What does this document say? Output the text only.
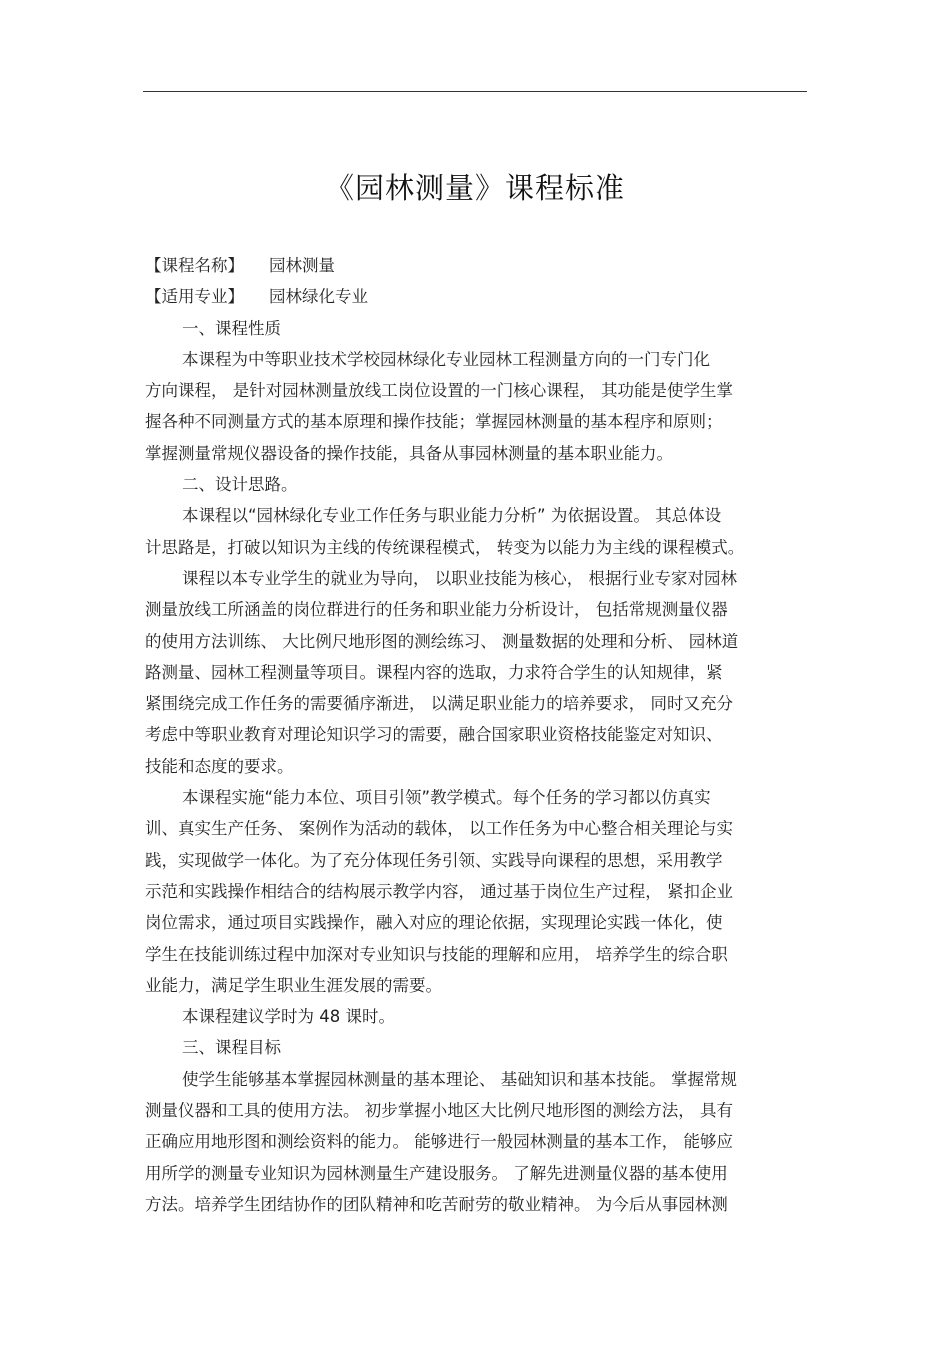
《园林测量》课程标准
【课程名称】 园林测量
【适用专业】 园林绿化专业
一、课程性质
本课程为中等职业技术学校园林绿化专业园林工程测量方向的一门专门化
方向课程， 是针对园林测量放线工岗位设置的一门核心课程， 其功能是使学生掌
握各种不同测量方式的基本原理和操作技能；掌握园林测量的基本程序和原则；
掌握测量常规仪器设备的操作技能，具备从事园林测量的基本职业能力。
二、设计思路。
本课程以“园林绿化专业工作任务与职业能力分析” 为依据设置。 其总体设
计思路是，打破以知识为主线的传统课程模式， 转变为以能力为主线的课程模式。
课程以本专业学生的就业为导向， 以职业技能为核心， 根据行业专家对园林
测量放线工所涵盖的岗位群进行的任务和职业能力分析设计， 包括常规测量仪器
的使用方法训练、 大比例尺地形图的测绘练习、 测量数据的处理和分析、 园林道
路测量、园林工程测量等项目。课程内容的选取，力求符合学生的认知规律，紧
紧围绕完成工作任务的需要循序渐进， 以满足职业能力的培养要求， 同时又充分
考虑中等职业教育对理论知识学习的需要，融合国家职业资格技能鉴定对知识、
技能和态度的要求。
本课程实施“能力本位、项目引领”教学模式。每个任务的学习都以仿真实
训、真实生产任务、 案例作为活动的载体， 以工作任务为中心整合相关理论与实
践，实现做学一体化。为了充分体现任务引领、实践导向课程的思想，采用教学
示范和实践操作相结合的结构展示教学内容， 通过基于岗位生产过程， 紧扣企业
岗位需求，通过项目实践操作，融入对应的理论依据，实现理论实践一体化，使
学生在技能训练过程中加深对专业知识与技能的理解和应用， 培养学生的综合职
业能力，满足学生职业生涯发展的需要。
本课程建议学时为 48 课时。
三、课程目标
使学生能够基本掌握园林测量的基本理论、 基础知识和基本技能。 掌握常规
测量仪器和工具的使用方法。 初步掌握小地区大比例尺地形图的测绘方法， 具有
正确应用地形图和测绘资料的能力。 能够进行一般园林测量的基本工作， 能够应
用所学的测量专业知识为园林测量生产建设服务。 了解先进测量仪器的基本使用
方法。培养学生团结协作的团队精神和吃苦耐劳的敬业精神。 为今后从事园林测
